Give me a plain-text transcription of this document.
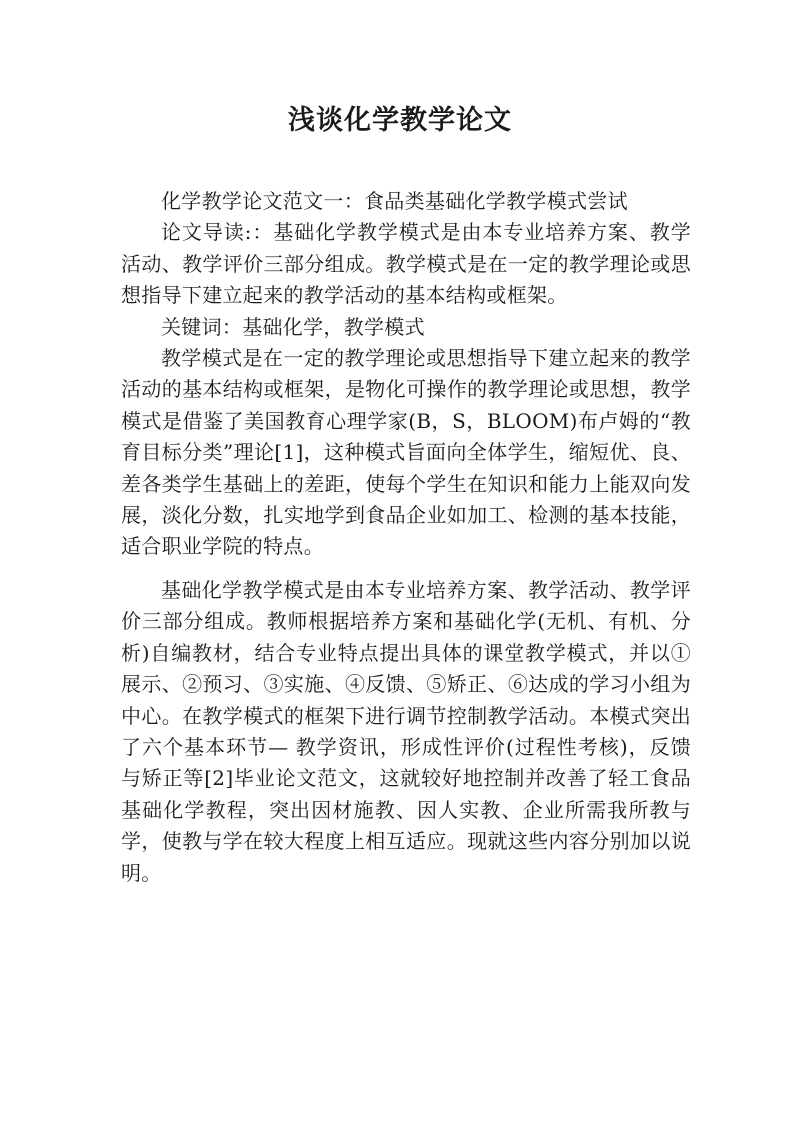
浅谈化学教学论文

化学教学论文范文一：食品类基础化学教学模式尝试

论文导读:：基础化学教学模式是由本专业培养方案、教学活动、教学评价三部分组成。教学模式是在一定的教学理论或思想指导下建立起来的教学活动的基本结构或框架。

关键词：基础化学，教学模式

教学模式是在一定的教学理论或思想指导下建立起来的教学活动的基本结构或框架，是物化可操作的教学理论或思想，教学模式是借鉴了美国教育心理学家(B，S，BLOOM)布卢姆的“教育目标分类”理论[1]，这种模式旨面向全体学生，缩短优、良、差各类学生基础上的差距，使每个学生在知识和能力上能双向发展，淡化分数，扎实地学到食品企业如加工、检测的基本技能，适合职业学院的特点。

基础化学教学模式是由本专业培养方案、教学活动、教学评价三部分组成。教师根据培养方案和基础化学(无机、有机、分析)自编教材，结合专业特点提出具体的课堂教学模式，并以①展示、②预习、③实施、④反馈、⑤矫正、⑥达成的学习小组为中心。在教学模式的框架下进行调节控制教学活动。本模式突出了六个基本环节— 教学资讯，形成性评价(过程性考核)，反馈与矫正等[2]毕业论文范文，这就较好地控制并改善了轻工食品基础化学教程，突出因材施教、因人实教、企业所需我所教与学，使教与学在较大程度上相互适应。现就这些内容分别加以说明。
